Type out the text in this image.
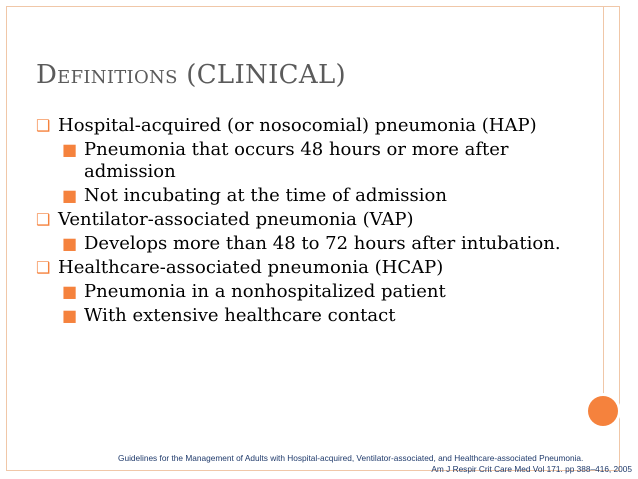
Definitions (CLINICAL)
❑ Hospital-acquired (or nosocomial) pneumonia (HAP)
■ Pneumonia that occurs 48 hours or more after admission
■ Not incubating at the time of admission
❑ Ventilator-associated pneumonia (VAP)
■ Develops more than 48 to 72 hours after intubation.
❑ Healthcare-associated pneumonia (HCAP)
■ Pneumonia in a nonhospitalized patient
■ With extensive healthcare contact
Guidelines for the Management of Adults with Hospital-acquired, Ventilator-associated, and Healthcare-associated Pneumonia.
Am J Respir Crit Care Med Vol 171. pp 388–416, 2005
